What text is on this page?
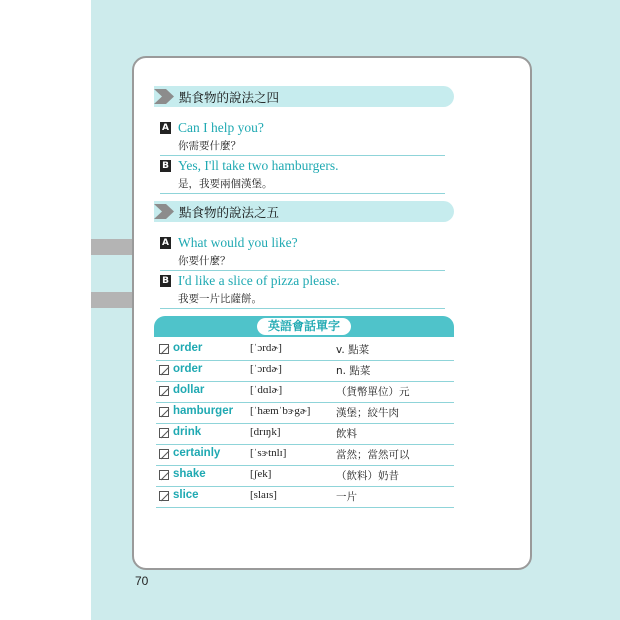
點食物的說法之四
A Can I help you?
你需要什麼？
B Yes, I'll take two hamburgers.
是，我要兩個漢堡。
點食物的說法之五
A What would you like?
你要什麼？
B I'd like a slice of pizza please.
我要一片比薩餅。
英語會話單字
order	[ˈɔrdɚ]	v. 點菜
order	[ˈɔrdɚ]	n. 點菜
dollar	[ˈdɑlɚ]	（貨幣單位）元
hamburger [ˈhæmˈbɝgɚ] 漢堡；絞牛肉
drink	[drɪŋk]	飲料
certainly	[ˈsɝtnlɪ]	當然；當然可以
shake	[ʃek]	（飲料）奶昔
slice	[slaɪs]	一片
70
